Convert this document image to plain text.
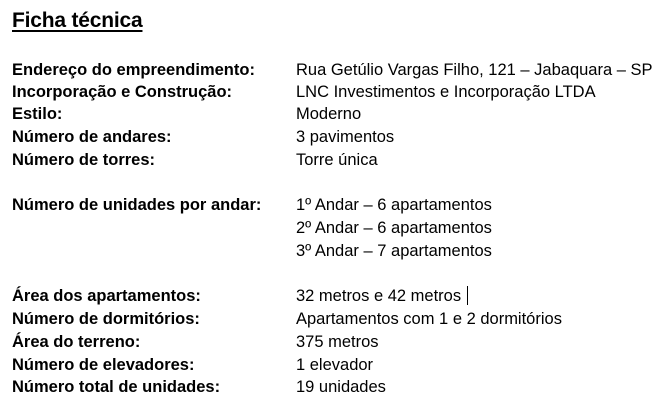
Ficha técnica
Endereço do empreendimento: Rua Getúlio Vargas Filho, 121 – Jabaquara – SP
Incorporação e Construção:	LNC Investimentos e Incorporação LTDA
Estilo:	Moderno
Número de andares:	3 pavimentos
Número de torres:	Torre única
Número de unidades por andar: 1º Andar – 6 apartamentos
2º Andar – 6 apartamentos
3º Andar – 7 apartamentos
Área dos apartamentos:	32 metros e 42 metros
Número de dormitórios:	Apartamentos com 1 e 2 dormitórios
Área do terreno:	375 metros
Número de elevadores:	1 elevador
Número total de unidades:	19 unidades
